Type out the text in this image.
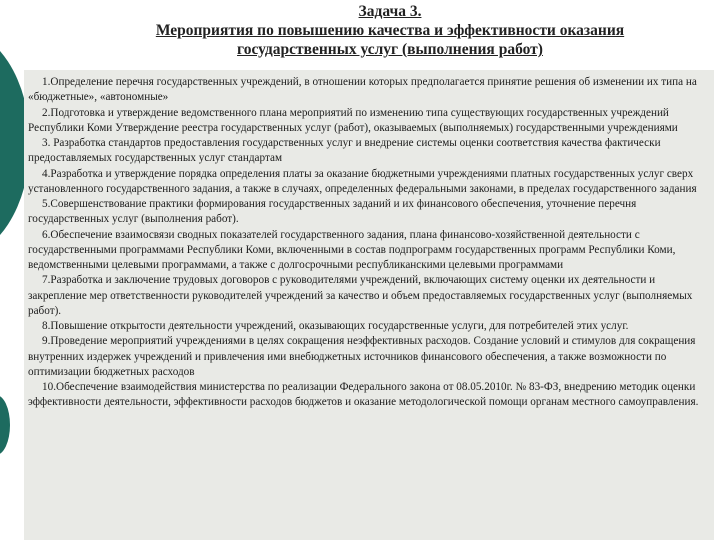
Задача 3.
Мероприятия по повышению качества и эффективности оказания
государственных услуг (выполнения работ)

1.Определение перечня государственных учреждений, в отношении которых предполагается принятие решения об изменении их типа на «бюджетные», «автономные»

2.Подготовка и утверждение ведомственного плана мероприятий по изменению типа существующих государственных учреждений Республики Коми Утверждение реестра государственных услуг (работ), оказываемых (выполняемых) государственными учреждениями

3. Разработка стандартов предоставления государственных услуг и внедрение системы оценки соответствия качества фактически предоставляемых государственных услуг стандартам

4.Разработка и утверждение порядка определения платы за оказание бюджетными учреждениями платных государственных услуг сверх установленного государственного задания, а также в случаях, определенных федеральными законами, в пределах государственного задания

5.Совершенствование практики формирования государственных заданий и их финансового обеспечения, уточнение перечня государственных услуг (выполнения работ).

6.Обеспечение взаимосвязи сводных показателей государственного задания, плана финансово-хозяйственной деятельности с государственными программами Республики Коми, включенными в состав подпрограмм государственных программ Республики Коми, ведомственными целевыми программами, а также с долгосрочными республиканскими целевыми программами

7.Разработка и заключение трудовых договоров с руководителями учреждений, включающих систему оценки их деятельности и закрепление мер ответственности руководителей учреждений за качество и объем предоставляемых государственных услуг (выполняемых работ).

8.Повышение открытости деятельности учреждений, оказывающих государственные услуги, для потребителей этих услуг.

9.Проведение мероприятий учреждениями в целях сокращения неэффективных расходов. Создание условий и стимулов для сокращения внутренних издержек учреждений и привлечения ими внебюджетных источников финансового обеспечения, а также возможности по оптимизации бюджетных расходов

10.Обеспечение взаимодействия министерства по реализации Федерального закона от 08.05.2010г. № 83-ФЗ, внедрению методик оценки эффективности деятельности, эффективности расходов бюджетов и оказание методологической помощи органам местного самоуправления.
